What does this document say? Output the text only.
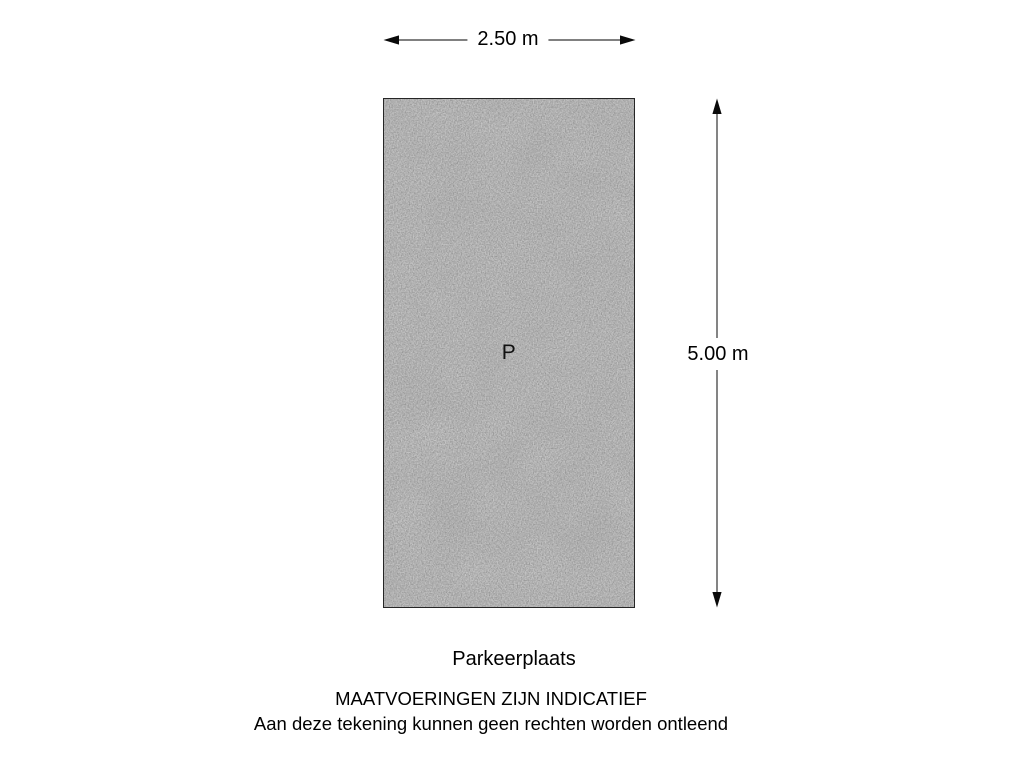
2.50 m
P	5.00 m
Parkeerplaats
MAATVOERINGEN ZIJN INDICATIEF
Aan deze tekening kunnen geen rechten worden ontleend
